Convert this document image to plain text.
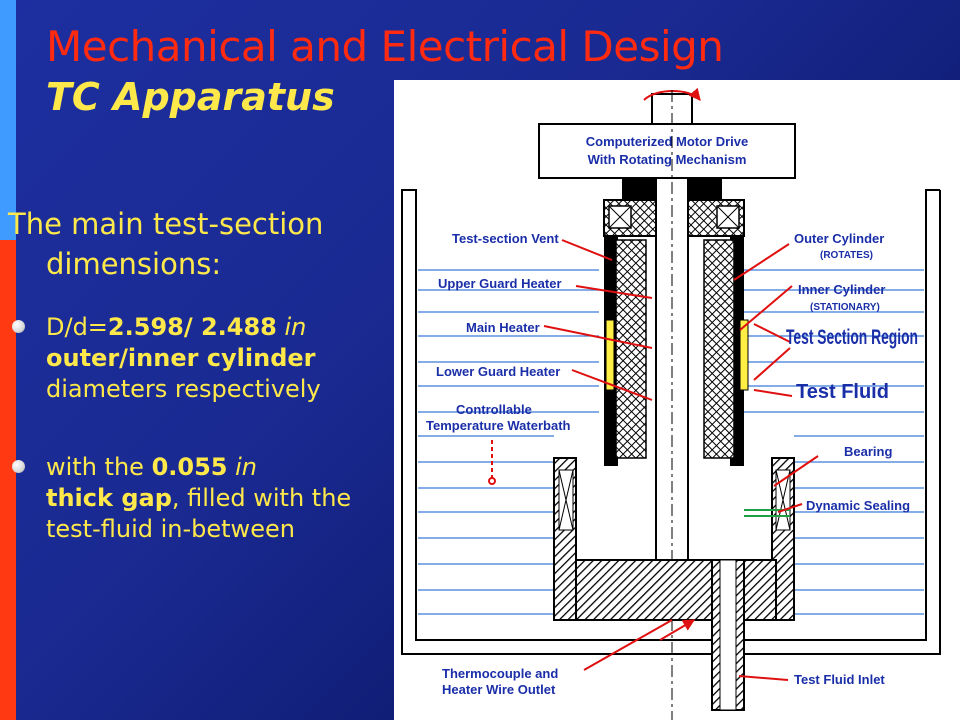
Mechanical and Electrical Design
TC Apparatus
The main test-section
dimensions:
D/d=2.598/ 2.488 in
outer/inner cylinder diameters respectively
with the 0.055 in
thick gap, filled with the test-fluid in-between
Computerized Motor Drive
With Rotating Mechanism
Test-section Vent
Upper Guard Heater
Main Heater
Lower Guard Heater
Controllable
Temperature Waterbath
Thermocouple and
Heater Wire Outlet
Outer Cylinder
(ROTATES)
Inner Cylinder
(STATIONARY)
Test Section Region
Test Fluid
Bearing
Dynamic Sealing
Test Fluid Inlet
